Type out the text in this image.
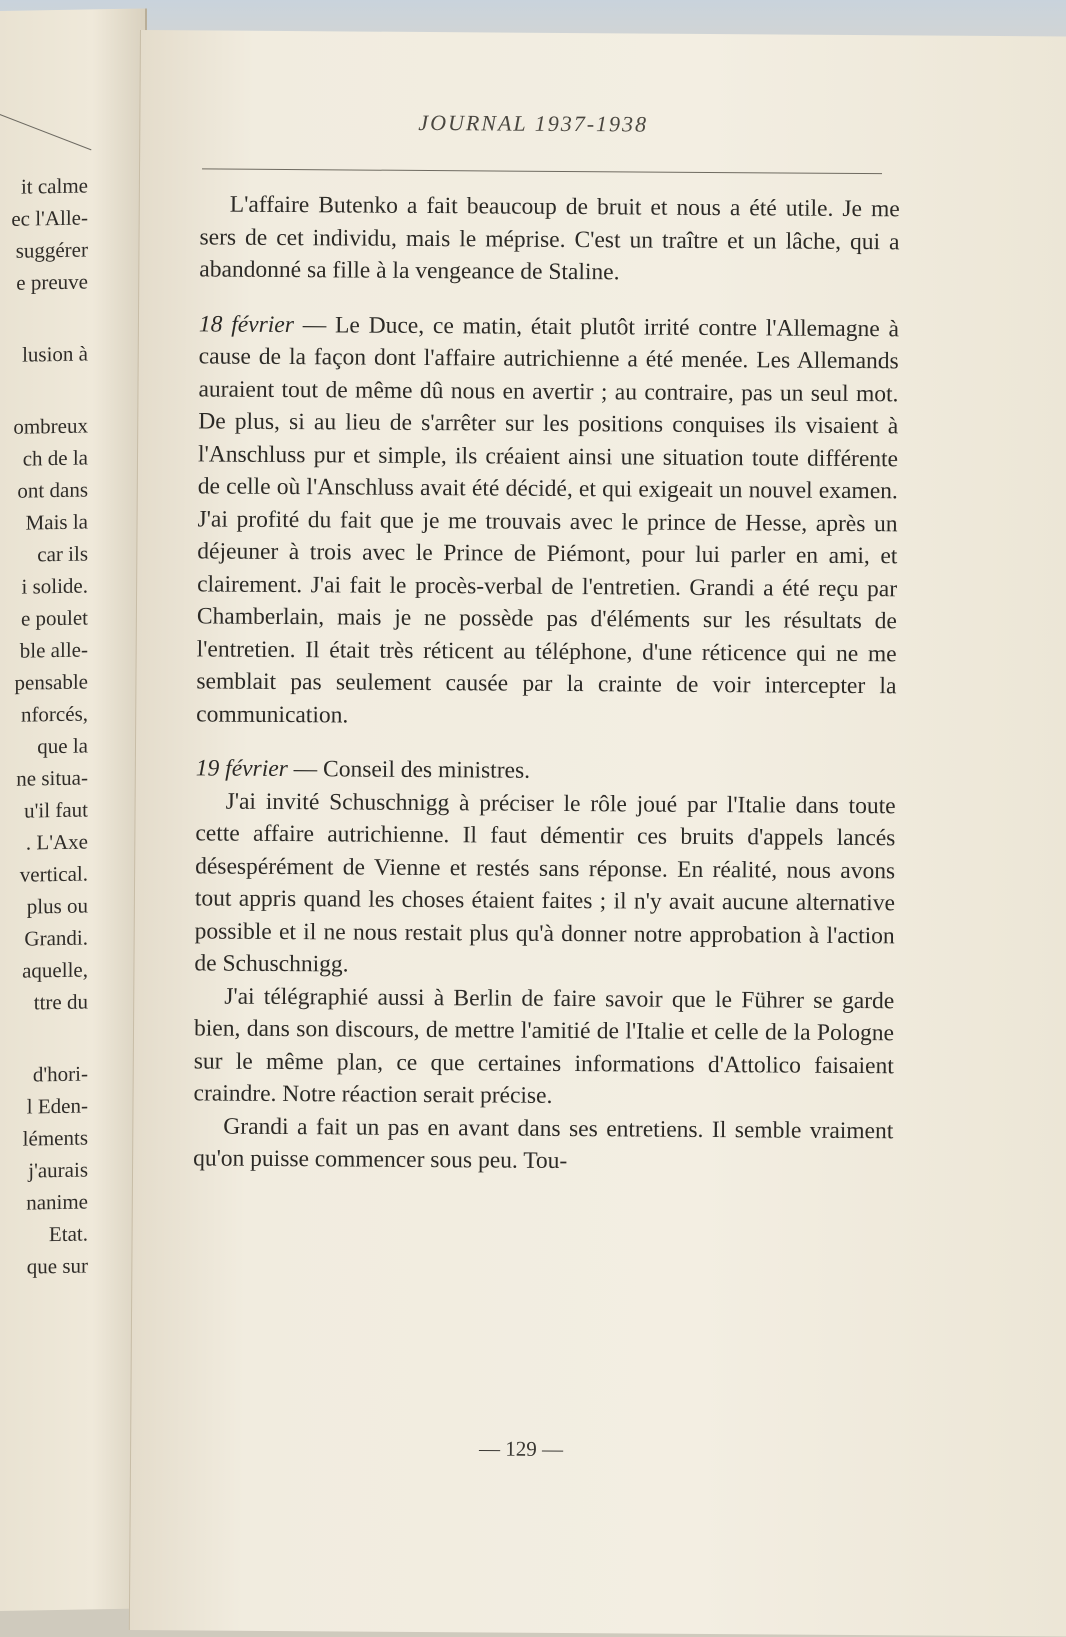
it calme
ec l'Alle-
suggérer
e preuve
lusion à
ombreux
ch de la
ont dans
Mais la
car ils
i solide.
e poulet
ble alle-
pensable
nforcés,
que la
ne situa-
u'il faut
. L'Axe
vertical.
plus ou
Grandi.
aquelle,
ttre du
d'hori-
l Eden-
léments
j'aurais
nanime
Etat.
que sur
JOURNAL 1937-1938

L'affaire Butenko a fait beaucoup de bruit et nous a été utile. Je me sers de cet individu, mais le méprise. C'est un traître et un lâche, qui a abandonné sa fille à la vengeance de Staline.

18 février — Le Duce, ce matin, était plutôt irrité contre l'Allemagne à cause de la façon dont l'affaire autrichienne a été menée. Les Allemands auraient tout de même dû nous en avertir ; au contraire, pas un seul mot. De plus, si au lieu de s'arrêter sur les positions conquises ils visaient à l'Anschluss pur et simple, ils créaient ainsi une situation toute différente de celle où l'Anschluss avait été décidé, et qui exigeait un nouvel examen. J'ai profité du fait que je me trouvais avec le prince de Hesse, après un déjeuner à trois avec le Prince de Piémont, pour lui parler en ami, et clairement. J'ai fait le procès-verbal de l'entretien. Grandi a été reçu par Chamberlain, mais je ne possède pas d'éléments sur les résultats de l'entretien. Il était très réticent au téléphone, d'une réticence qui ne me semblait pas seulement causée par la crainte de voir intercepter la communication.

19 février — Conseil des ministres.

J'ai invité Schuschnigg à préciser le rôle joué par l'Italie dans toute cette affaire autrichienne. Il faut démentir ces bruits d'appels lancés désespérément de Vienne et restés sans réponse. En réalité, nous avons tout appris quand les choses étaient faites ; il n'y avait aucune alternative possible et il ne nous restait plus qu'à donner notre approbation à l'action de Schuschnigg.

J'ai télégraphié aussi à Berlin de faire savoir que le Führer se garde bien, dans son discours, de mettre l'amitié de l'Italie et celle de la Pologne sur le même plan, ce que certaines informations d'Attolico faisaient craindre. Notre réaction serait précise.

Grandi a fait un pas en avant dans ses entretiens. Il semble vraiment qu'on puisse commencer sous peu. Tou-

— 129 —
